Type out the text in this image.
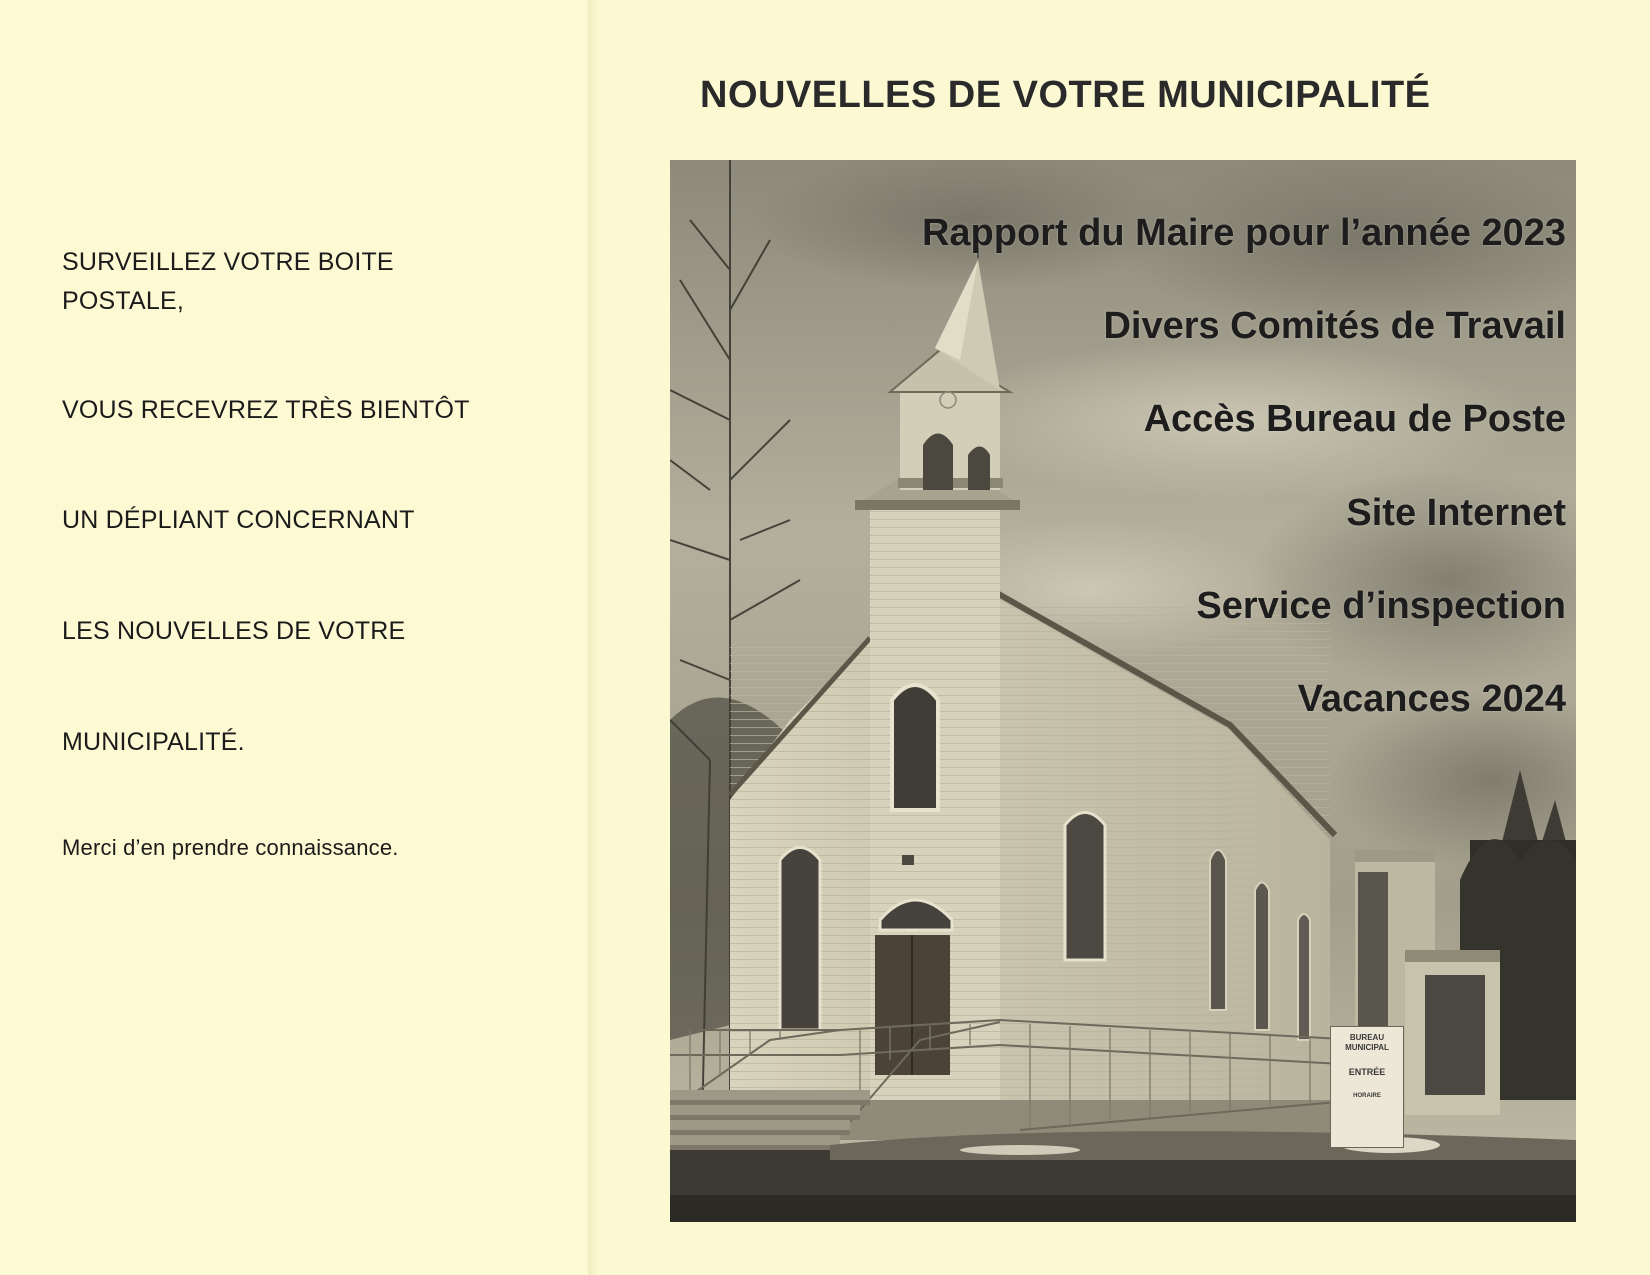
SURVEILLEZ VOTRE BOITE

POSTALE,

VOUS RECEVREZ TRÈS BIENTÔT

UN DÉPLIANT CONCERNANT

LES NOUVELLES DE VOTRE

MUNICIPALITÉ.

Merci d’en prendre connaissance.

NOUVELLES DE VOTRE MUNICIPALITÉ
BUREAU
MUNICIPAL
ENTRÉE
HORAIRE

Rapport du Maire pour l’année 2023

Divers Comités de Travail

Accès Bureau de Poste

Site Internet

Service d’inspection

Vacances 2024
